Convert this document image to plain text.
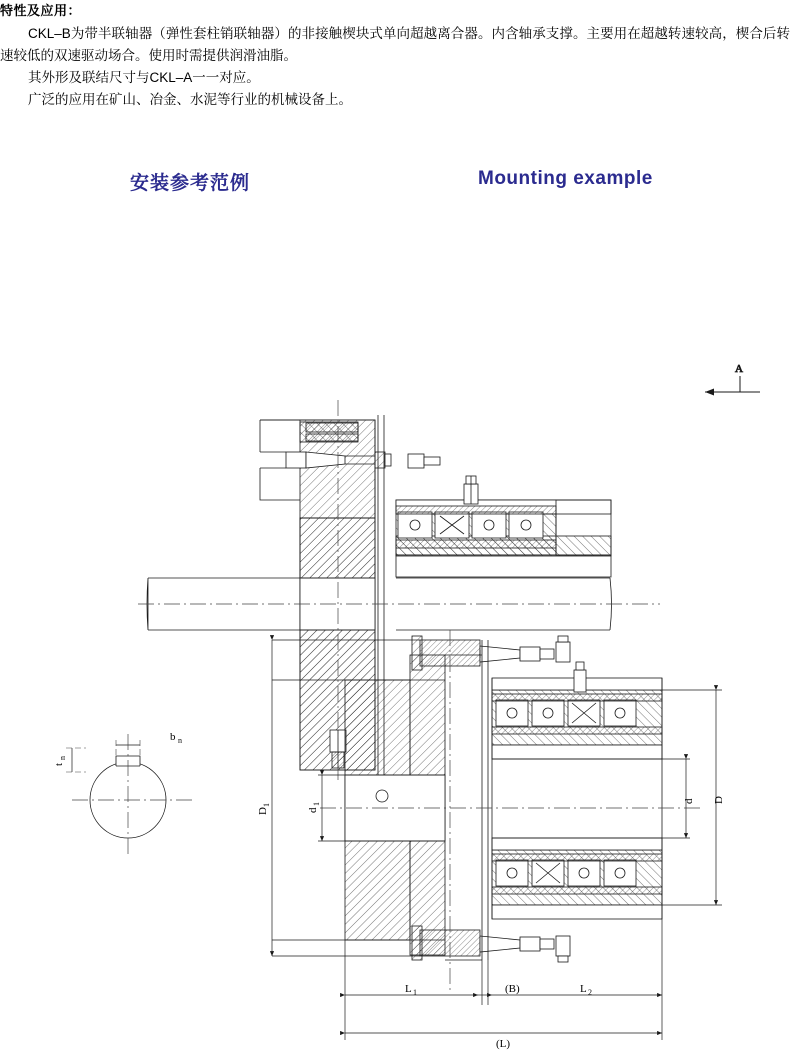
特性及应用：

CKL–B为带半联轴器（弹性套柱销联轴器）的非接触楔块式单向超越离合器。内含轴承支撑。主要用在超越转速较高，楔合后转速较低的双速驱动场合。使用时需提供润滑油脂。

其外形及联结尺寸与CKL–A一一对应。

广泛的应用在矿山、冶金、水泥等行业的机械设备上。

安装参考范例	Mounting example
A
D
1
d
1	d D
L 1	(B)	L 2
(L)
b n
t
n
